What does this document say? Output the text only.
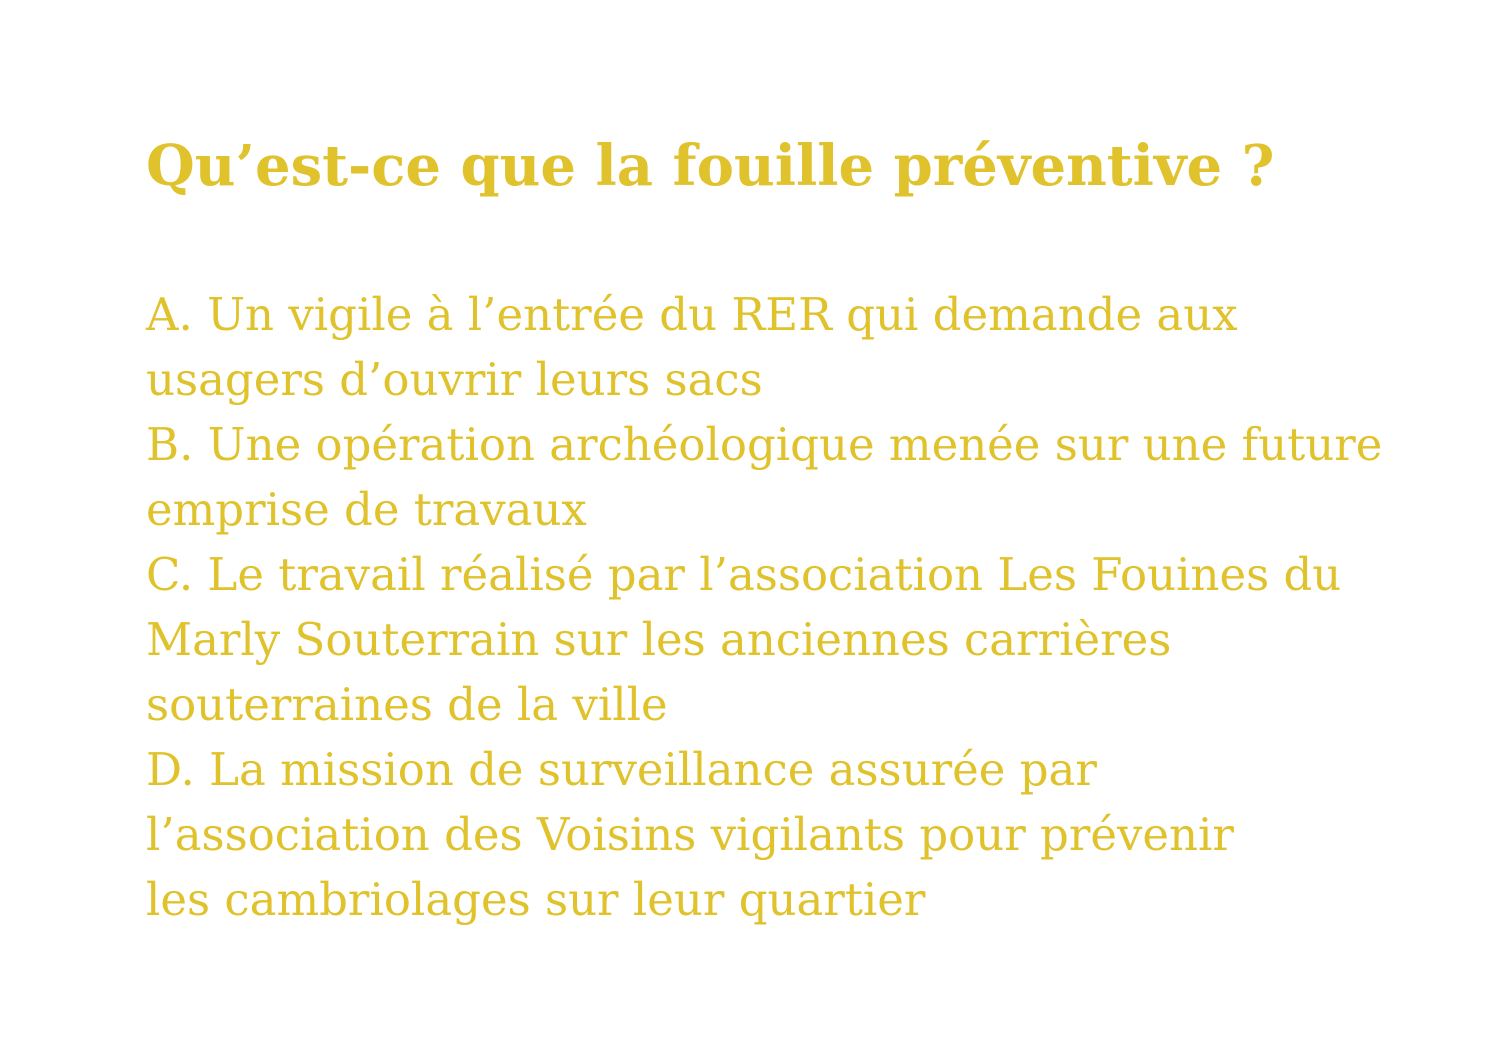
Qu’est-ce que la fouille préventive ?
A. Un vigile à l’entrée du RER qui demande aux
usagers d’ouvrir leurs sacs
B. Une opération archéologique menée sur une future
emprise de travaux
C. Le travail réalisé par l’association Les Fouines du
Marly Souterrain sur les anciennes carrières
souterraines de la ville
D. La mission de surveillance assurée par
l’association des Voisins vigilants pour prévenir
les cambriolages sur leur quartier
